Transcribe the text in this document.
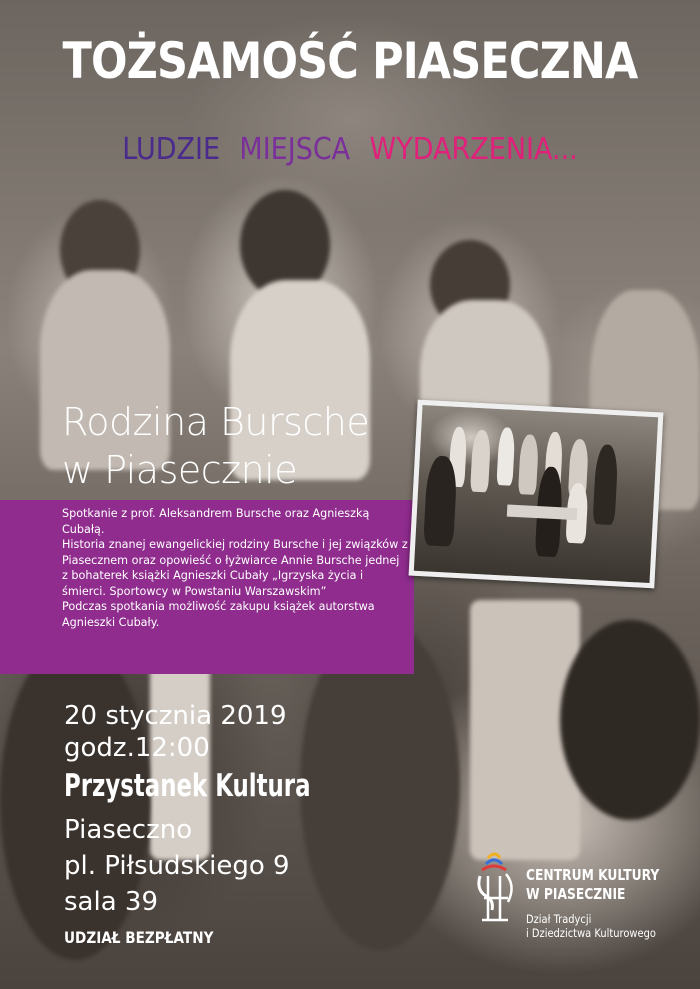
TOŻSAMOŚĆ PIASECZNA
LUDZIE MIEJSCA WYDARZENIA...
Rodzina Bursche
w Piasecznie

Spotkanie z prof. Aleksandrem Bursche oraz Agnieszką Cubałą.

Historia znanej ewangelickiej rodziny Bursche i jej związków z Piasecznem oraz opowieść o łyżwiarce Annie Bursche jednej z bohaterek książki Agnieszki Cubały „Igrzyska życia i śmierci. Sportowcy w Powstaniu Warszawskim”

Podczas spotkania możliwość zakupu książek autorstwa Agnieszki Cubały.

20 stycznia 2019
godz.12:00
Przystanek Kultura
Piaseczno
pl. Piłsudskiego 9
sala 39
UDZIAŁ BEZPŁATNY
CENTRUM KULTURY
W PIASECZNIE
Dział Tradycji
i Dziedzictwa Kulturowego
